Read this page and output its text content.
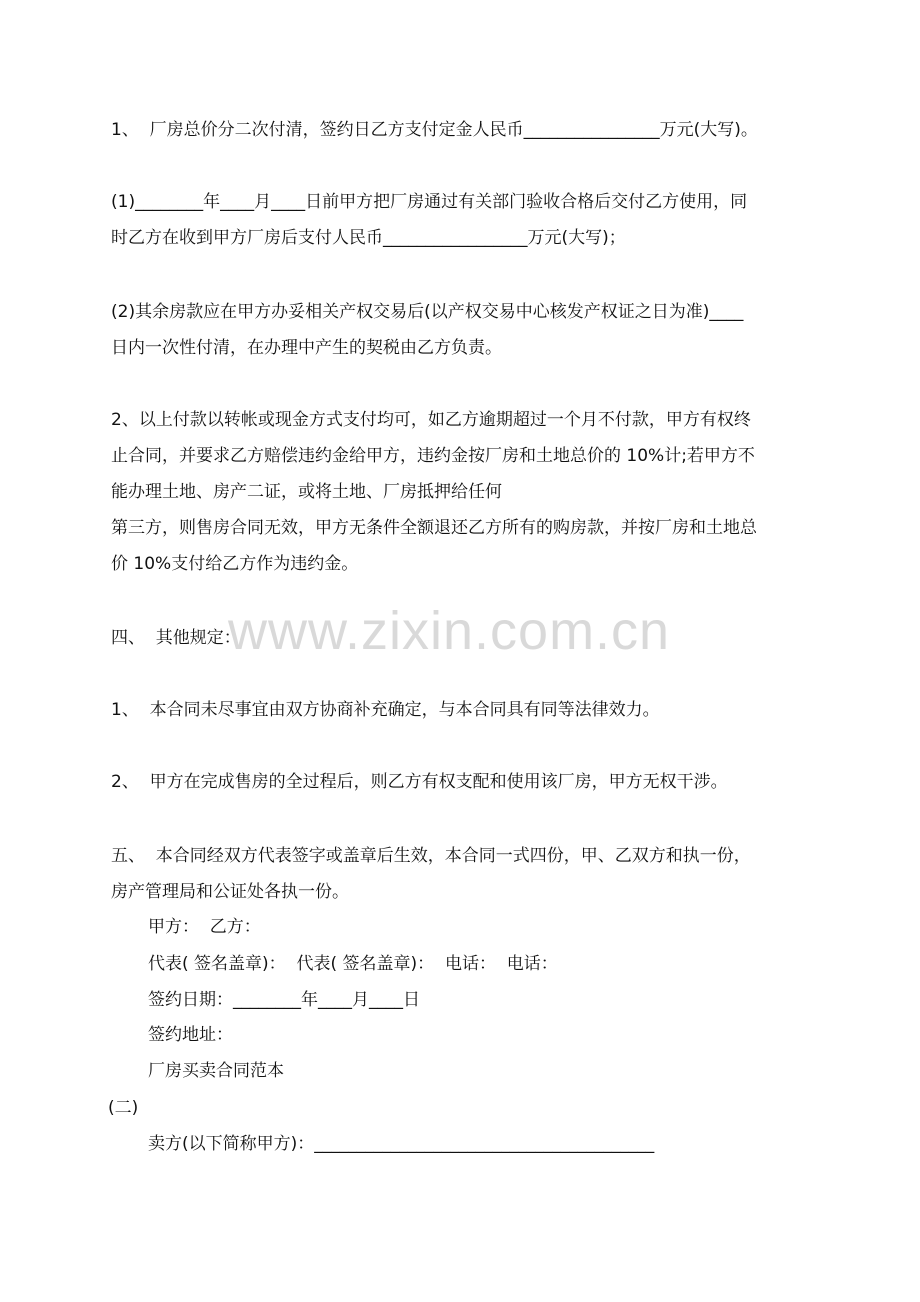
1、  厂房总价分二次付清，签约日乙方支付定金人民币________________万元(大写)。
(1)________年____月____日前甲方把厂房通过有关部门验收合格后交付乙方使用，同
时乙方在收到甲方厂房后支付人民币_________________万元(大写)；
(2)其余房款应在甲方办妥相关产权交易后(以产权交易中心核发产权证之日为准)____
日内一次性付清，在办理中产生的契税由乙方负责。
2、以上付款以转帐或现金方式支付均可，如乙方逾期超过一个月不付款，甲方有权终
止合同，并要求乙方赔偿违约金给甲方，违约金按厂房和土地总价的 10%计;若甲方不
能办理土地、房产二证，或将土地、厂房抵押给任何
第三方，则售房合同无效，甲方无条件全额退还乙方所有的购房款，并按厂房和土地总
价 10%支付给乙方作为违约金。
www.zixin.com.cn
四、  其他规定：
1、  本合同未尽事宜由双方协商补充确定，与本合同具有同等法律效力。
2、  甲方在完成售房的全过程后，则乙方有权支配和使用该厂房，甲方无权干涉。
五、  本合同经双方代表签字或盖章后生效，本合同一式四份，甲、乙双方和执一份，
房产管理局和公证处各执一份。
甲方：  乙方：
代表( 签名盖章)：  代表( 签名盖章)：  电话：  电话：
签约日期：________年____月____日
签约地址：
厂房买卖合同范本
(二)
卖方(以下简称甲方)：________________________________________
